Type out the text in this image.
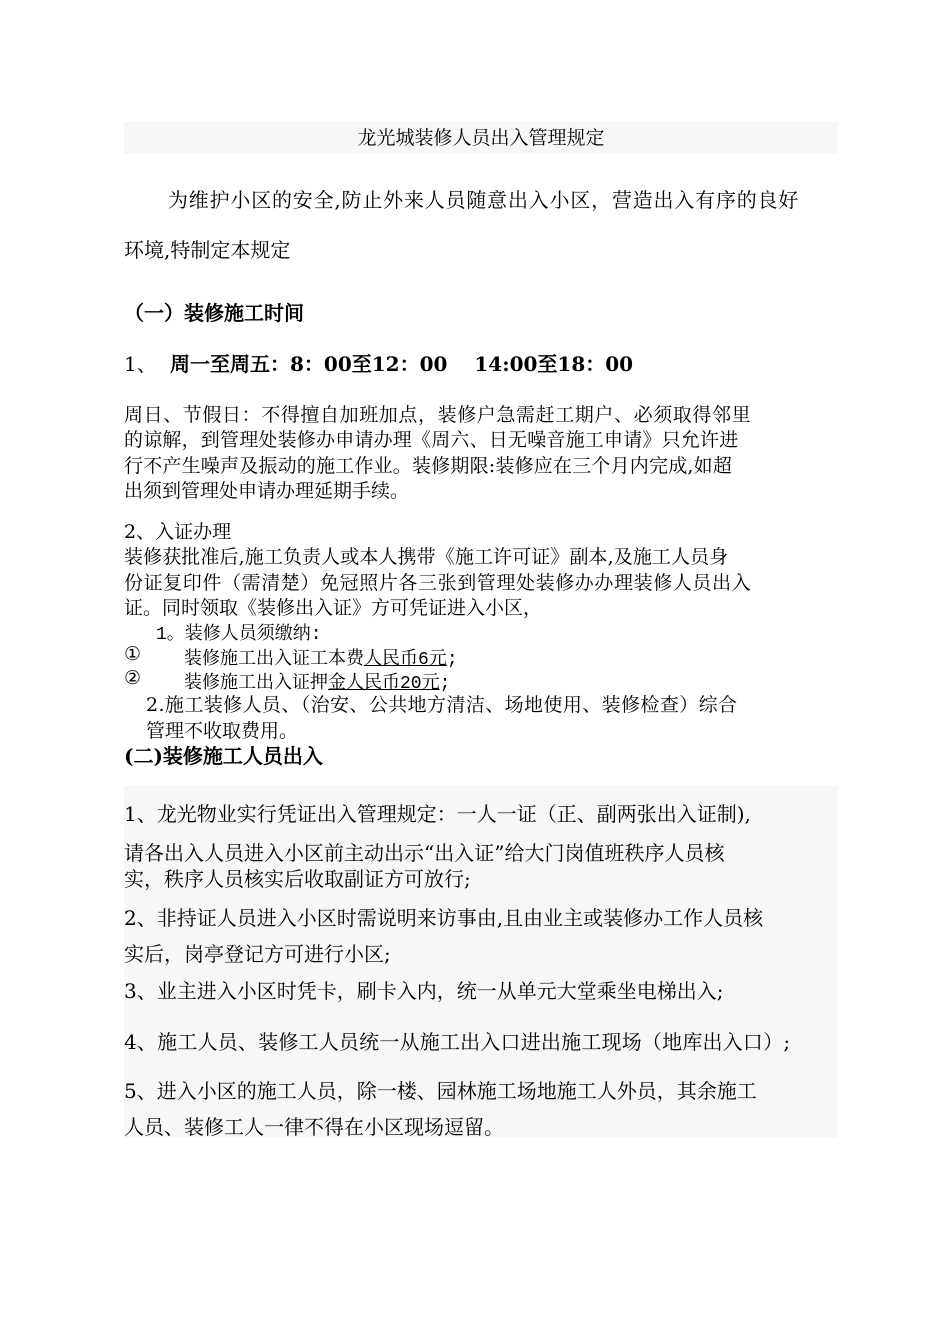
龙光城装修人员出入管理规定
为维护小区的安全,防止外来人员随意出入小区，营造出入有序的良好
环境,特制定本规定
（一）装修施工时间
1、 周一至周五：8：00至12：00　 14:00至18：00
周日、节假日：不得擅自加班加点，装修户急需赶工期户、必须取得邻里
的谅解，到管理处装修办申请办理《周六、日无噪音施工申请》只允许进
行不产生噪声及振动的施工作业。装修期限:装修应在三个月内完成,如超
出须到管理处申请办理延期手续。
2、入证办理
装修获批准后,施工负责人或本人携带《施工许可证》副本,及施工人员身
份证复印件（需清楚）免冠照片各三张到管理处装修办办理装修人员出入
证。同时领取《装修出入证》方可凭证进入小区，
1。装修人员须缴纳:
① 装修施工出入证工本费人民币6元;
② 装修施工出入证押金人民币20元;
2.施工装修人员、（治安、公共地方清洁、场地使用、装修检查）综合
管理不收取费用。
(二)装修施工人员出入
1、龙光物业实行凭证出入管理规定：一人一证（正、副两张出入证制),
请各出入人员进入小区前主动出示“出入证”给大门岗值班秩序人员核
实，秩序人员核实后收取副证方可放行;
2、非持证人员进入小区时需说明来访事由,且由业主或装修办工作人员核
实后，岗亭登记方可进行小区;
3、业主进入小区时凭卡，刷卡入内，统一从单元大堂乘坐电梯出入;
4、施工人员、装修工人员统一从施工出入口进出施工现场（地库出入口）;
5、进入小区的施工人员，除一楼、园林施工场地施工人外员，其余施工
人员、装修工人一律不得在小区现场逗留。
